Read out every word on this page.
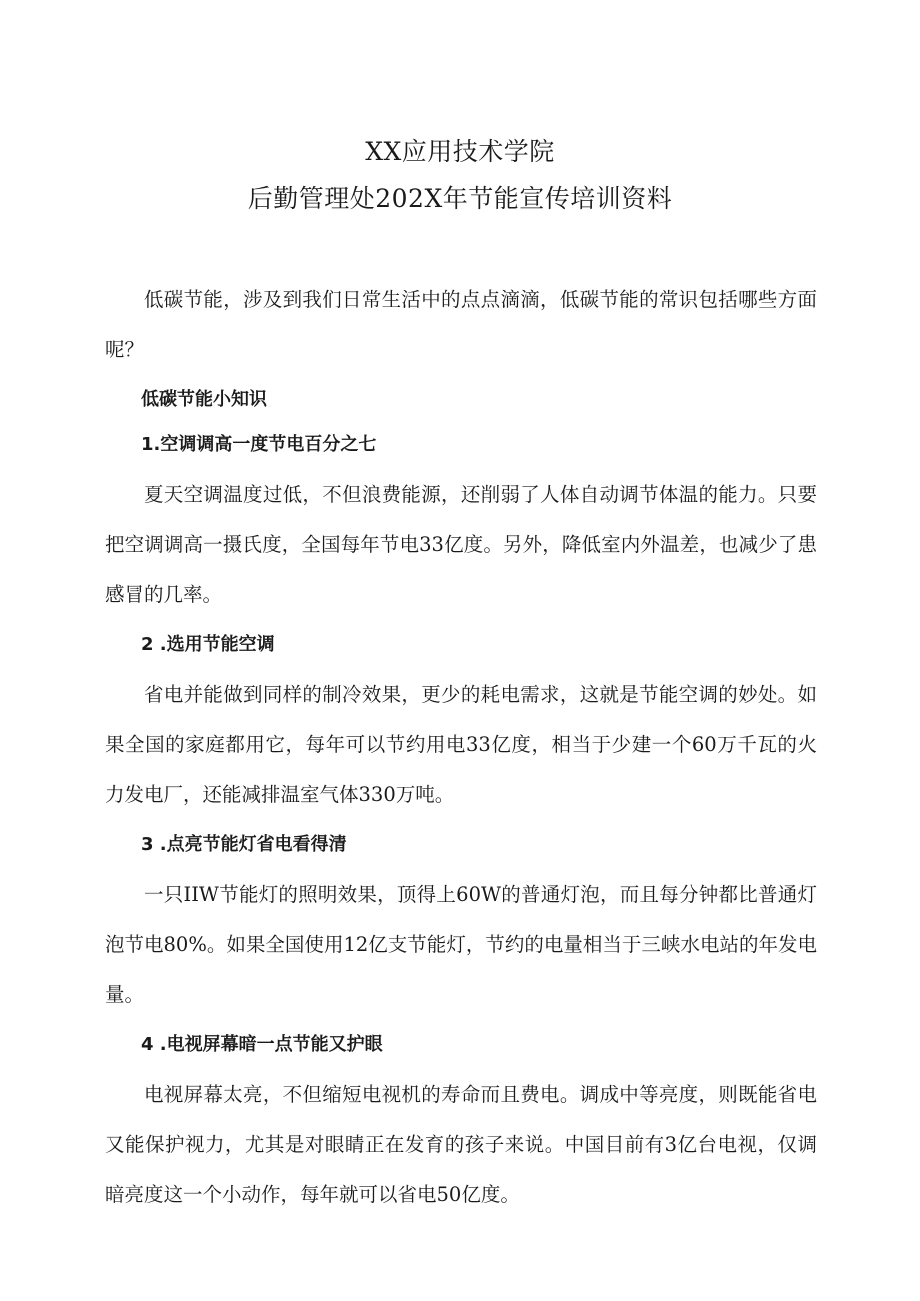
XX应用技术学院
后勤管理处202X年节能宣传培训资料

低碳节能，涉及到我们日常生活中的点点滴滴，低碳节能的常识包括哪些方面呢？

低碳节能小知识

1.空调调高一度节电百分之七

夏天空调温度过低，不但浪费能源，还削弱了人体自动调节体温的能力。只要把空调调高一摄氏度，全国每年节电33亿度。另外，降低室内外温差，也减少了患感冒的几率。

2 .选用节能空调

省电并能做到同样的制冷效果，更少的耗电需求，这就是节能空调的妙处。如果全国的家庭都用它，每年可以节约用电33亿度，相当于少建一个60万千瓦的火力发电厂，还能减排温室气体330万吨。

3 .点亮节能灯省电看得清

一只IIW节能灯的照明效果，顶得上60W的普通灯泡，而且每分钟都比普通灯泡节电80%。如果全国使用12亿支节能灯，节约的电量相当于三峡水电站的年发电量。

4 .电视屏幕暗一点节能又护眼

电视屏幕太亮，不但缩短电视机的寿命而且费电。调成中等亮度，则既能省电又能保护视力，尤其是对眼睛正在发育的孩子来说。中国目前有3亿台电视，仅调暗亮度这一个小动作，每年就可以省电50亿度。
